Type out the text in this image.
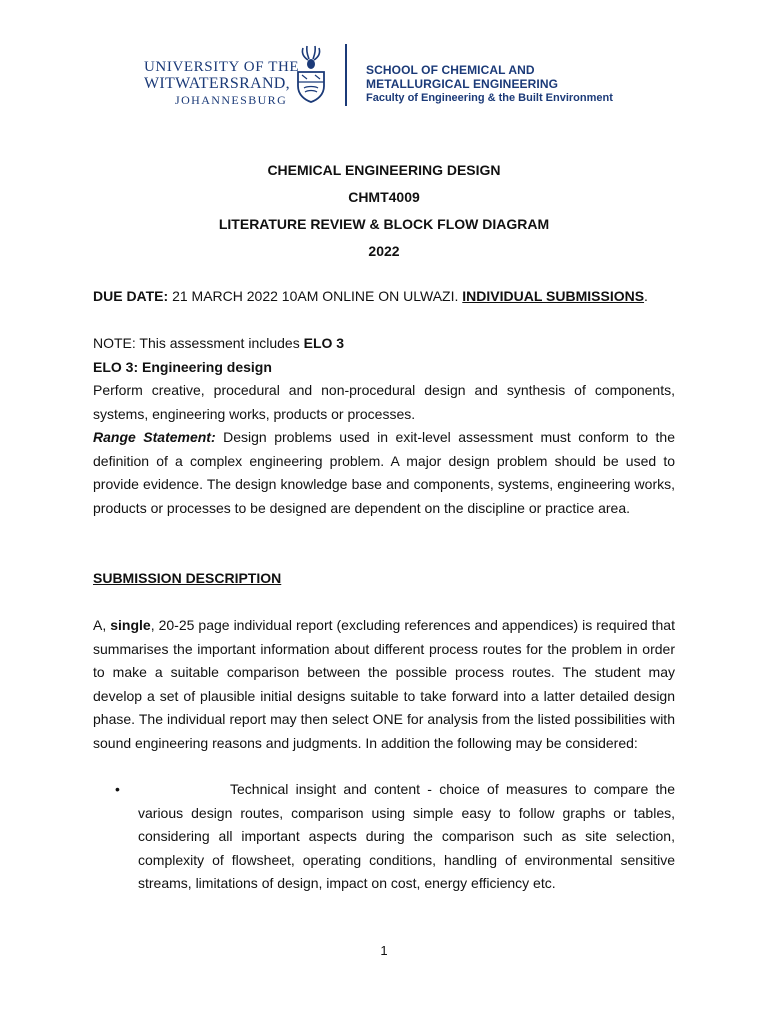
UNIVERSITY OF THE
WITWATERSRAND,
JOHANNESBURG
SCHOOL OF CHEMICAL AND
METALLURGICAL ENGINEERING
Faculty of Engineering & the Built Environment
CHEMICAL ENGINEERING DESIGN
CHMT4009
LITERATURE REVIEW & BLOCK FLOW DIAGRAM
2022
DUE DATE: 21 MARCH 2022 10AM ONLINE ON ULWAZI. INDIVIDUAL SUBMISSIONS.
NOTE: This assessment includes ELO 3
ELO 3: Engineering design
Perform creative, procedural and non-procedural design and synthesis of components, systems, engineering works, products or processes.
Range Statement: Design problems used in exit-level assessment must conform to the definition of a complex engineering problem. A major design problem should be used to provide evidence. The design knowledge base and components, systems, engineering works, products or processes to be designed are dependent on the discipline or practice area.
SUBMISSION DESCRIPTION
A, single, 20-25 page individual report (excluding references and appendices) is required that summarises the important information about different process routes for the problem in order to make a suitable comparison between the possible process routes. The student may develop a set of plausible initial designs suitable to take forward into a latter detailed design phase. The individual report may then select ONE for analysis from the listed possibilities with sound engineering reasons and judgments. In addition the following may be considered:
•	Technical insight and content - choice of measures to compare the various design routes, comparison using simple easy to follow graphs or tables, considering all important aspects during the comparison such as site selection, complexity of flowsheet, operating conditions, handling of environmental sensitive streams, limitations of design, impact on cost, energy efficiency etc.
1
